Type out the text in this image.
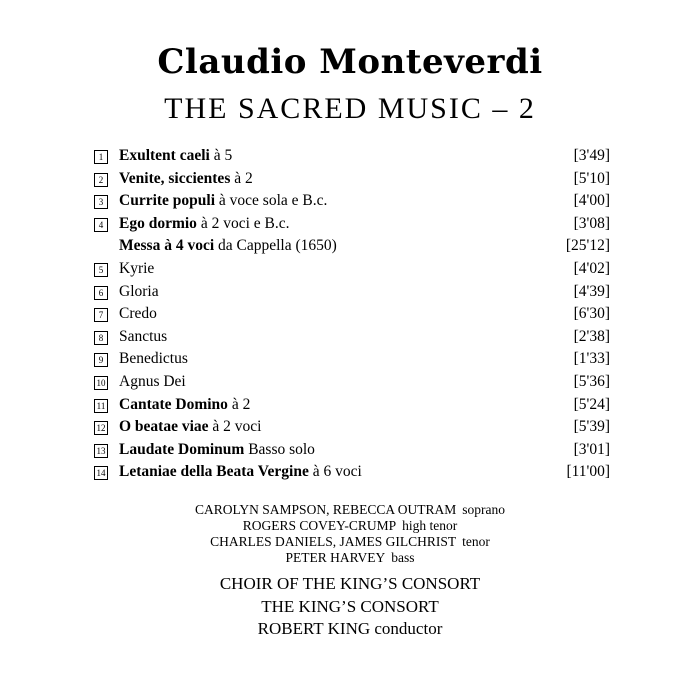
Claudio Monteverdi
THE SACRED MUSIC – 2
1	Exultent caeli à 5	[3'49]
2	Venite, siccientes à 2	[5'10]
3	Currite populi à voce sola e B.c.	[4'00]
4	Ego dormio à 2 voci e B.c.	[3'08]
Messa à 4 voci da Cappella (1650)	[25'12]
5	Kyrie	[4'02]
6	Gloria	[4'39]
7	Credo	[6'30]
8	Sanctus	[2'38]
9	Benedictus	[1'33]
10 Agnus Dei	[5'36]
11 Cantate Domino à 2	[5'24]
12 O beatae viae à 2 voci	[5'39]
13 Laudate Dominum Basso solo	[3'01]
14 Letaniae della Beata Vergine à 6 voci	[11'00]
CAROLYN SAMPSON, REBECCA OUTRAM soprano
ROGERS COVEY-CRUMP high tenor
CHARLES DANIELS, JAMES GILCHRIST tenor
PETER HARVEY bass
CHOIR OF THE KING’S CONSORT
THE KING’S CONSORT
ROBERT KING conductor
